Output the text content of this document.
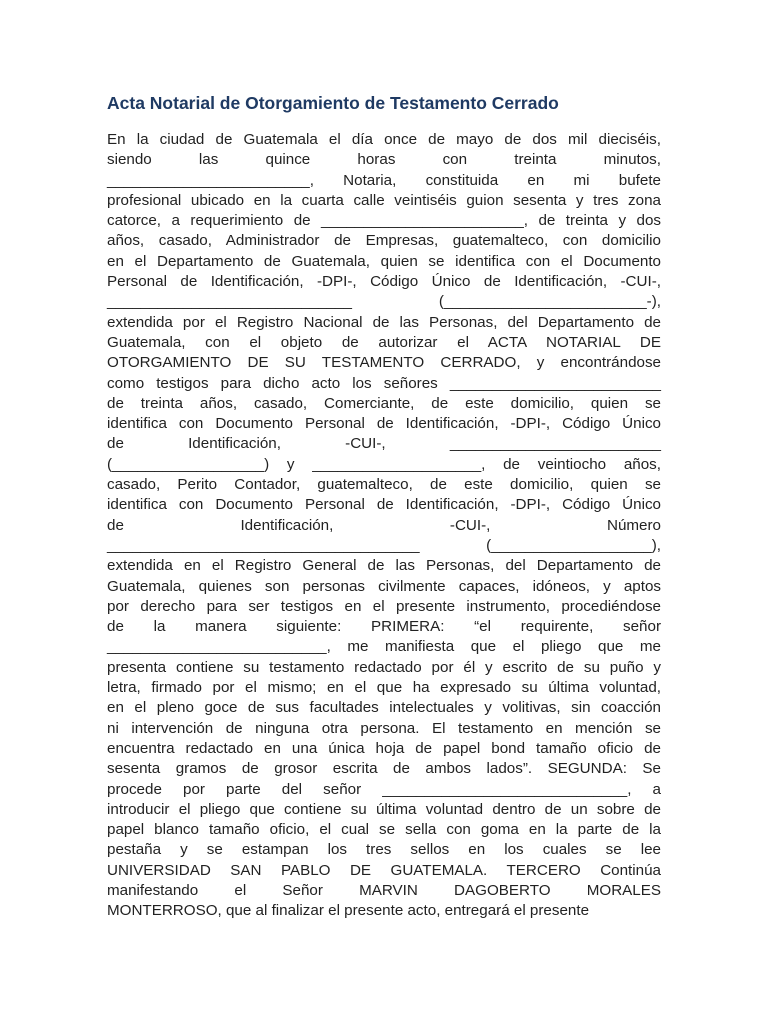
Acta Notarial de Otorgamiento de Testamento Cerrado
En la ciudad de Guatemala el día once de mayo de dos mil dieciséis,
siendo las quince horas con treinta minutos,
________________________, Notaria, constituida en mi bufete
profesional ubicado en la cuarta calle veintiséis guion sesenta y tres zona
catorce, a requerimiento de ________________________, de treinta y dos
años, casado, Administrador de Empresas, guatemalteco, con domicilio
en el Departamento de Guatemala, quien se identifica con el Documento
Personal de Identificación, -DPI-, Código Único de Identificación, -CUI-,
_____________________________ (________________________-),
extendida por el Registro Nacional de las Personas, del Departamento de
Guatemala, con el objeto de autorizar el ACTA NOTARIAL DE
OTORGAMIENTO DE SU TESTAMENTO CERRADO, y encontrándose
como testigos para dicho acto los señores _________________________
de treinta años, casado, Comerciante, de este domicilio, quien se
identifica con Documento Personal de Identificación, -DPI-, Código Único
de Identificación, -CUI-, _________________________
(__________________) y ____________________, de veintiocho años,
casado, Perito Contador, guatemalteco, de este domicilio, quien se
identifica con Documento Personal de Identificación, -DPI-, Código Único
de Identificación, -CUI-, Número
_____________________________________ (___________________),
extendida en el Registro General de las Personas, del Departamento de
Guatemala, quienes son personas civilmente capaces, idóneos, y aptos
por derecho para ser testigos en el presente instrumento, procediéndose
de la manera siguiente: PRIMERA: “el requirente, señor
__________________________, me manifiesta que el pliego que me
presenta contiene su testamento redactado por él y escrito de su puño y
letra, firmado por el mismo; en el que ha expresado su última voluntad,
en el pleno goce de sus facultades intelectuales y volitivas, sin coacción
ni intervención de ninguna otra persona. El testamento en mención se
encuentra redactado en una única hoja de papel bond tamaño oficio de
sesenta gramos de grosor escrita de ambos lados”. SEGUNDA: Se
procede por parte del señor _____________________________, a
introducir el pliego que contiene su última voluntad dentro de un sobre de
papel blanco tamaño oficio, el cual se sella con goma en la parte de la
pestaña y se estampan los tres sellos en los cuales se lee
UNIVERSIDAD SAN PABLO DE GUATEMALA. TERCERO Continúa
manifestando el Señor MARVIN DAGOBERTO MORALES
MONTERROSO, que al finalizar el presente acto, entregará el presente
